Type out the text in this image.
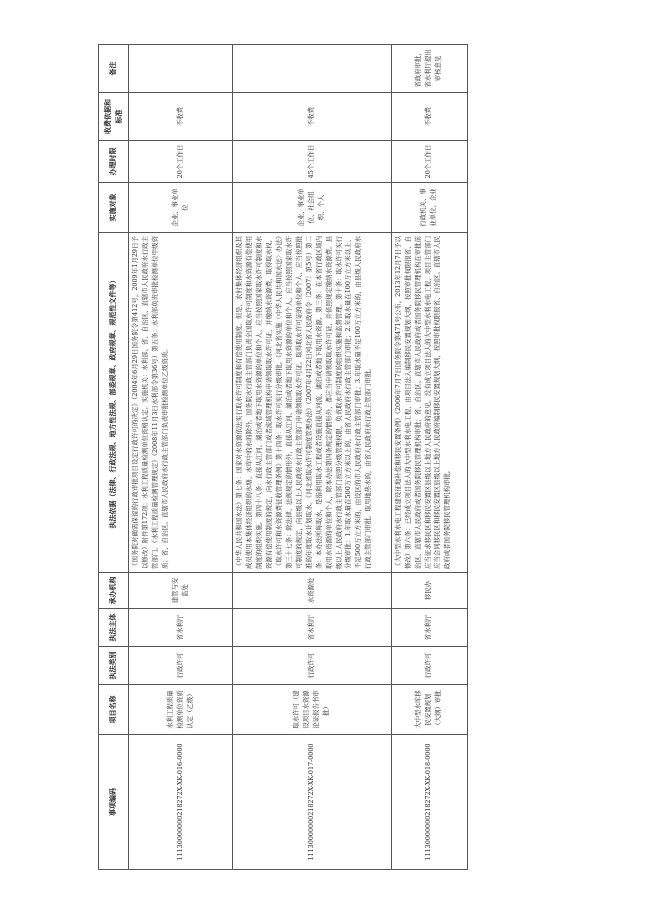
事项编码	项目名称	执法类别	执法主体	承办机构	执法依据（法律、行政法规、地方性法规、部委规章、政府规章、规范性文件等）	实施对象	办理时限	收费依据和标准	备注
11130000000218272X-XK-016-0000	水利工程质量检测单位资质认定（乙级）	行政许可	省水利厅	建管与安监处	《国务院对确需保留的行政审批项目设定行政许可的决定》（2004年6月29日国务院令第412号，2009年1月29日予以修改）附件第172项：水利工程质量检测单位资格认定。实施机关：水利部、省、自治区、直辖市人民政府水行政主管部门。《水利工程质量检测管理规定》（2008年11月3日水利部令第36号）第五条：水利部负责审批检测单位甲级资质；省、自治区、直辖市人民政府水行政主管部门负责审批检测单位乙级资质。	企业、事业单位	20个工作日	不收费	
11130000000218272X-XK-017-0000	取水许可（建设项目水资源论证报告书审批）	行政许可	省水利厅	水资源处	《中华人民共和国水法》第七条：国家对水资源依法实行取水许可制度和有偿使用制度。但是，农村集体经济组织及其成员使用本集体经济组织的水塘、水库中的水的除外。国务院水行政主管部门负责全国取水许可制度和水资源有偿使用制度的组织实施。第四十八条：直接从江河、湖泊或者地下取用水资源的单位和个人，应当按照国家取水许可制度和水资源有偿使用制度的规定，向水行政主管部门或者流域管理机构申请领取取水许可证，并缴纳水资源费，取得取水权。《取水许可和水资源费征收管理条例》第十四条：取水许可实行分级审批。《河北省实施〈中华人民共和国水法〉办法》第三十七条：除法律、法规规定的情形外，直接从江河、湖泊或者地下取用水资源的单位和个人，应当按照国家取水许可制度的规定，向县级以上人民政府水行政主管部门申请领取取水许可证。取得取水许可证的单位和个人，应当按照批准的年度取水计划取水。《河北省取水许可制度管理办法》（2007年4月22日河北省人民政府令〔2007〕第5号）第二条：本办法所称取水，是指利用取水工程或者设施直接从河流、湖泊或者地下取用水资源。第三条：在本省行政区域内取用水资源的单位和个人，除本办法第四条规定的情形外，都应当申请领取取水许可证，并依照规定缴纳水资源费。县级以上人民政府水行政主管部门按照分级管理权限，负责取水许可制度的组织实施和监督管理。第十条：取水许可实行分级审批：1.年取水量在500万立方米以上的，由省人民政府水行政主管部门审批；2.年取水量在100万立方米以上、不足500万立方米的，由设区的市人民政府水行政主管部门审批；3.年取水量不足100万立方米的，由县级人民政府水行政主管部门审批。取用地热水的，由省人民政府水行政主管部门审批。	企业、事业单位、社会组织、个人	45个工作日	不收费	
11130000000218272X-XK-018-0000	大中型水库移民安置规划（大纲）审批	行政许可	省水利厅	移民办	《大中型水利水电工程建设征地补偿和移民安置条例》（2006年7月7日国务院令第471号公布，2013年12月7日予以修改）第六条：已经成立项目法人的大中型水利水电工程，由项目法人编制移民安置规划大纲，按照审批权限报省、自治区、直辖市人民政府或者国务院移民管理机构审批；省、自治区、直辖市人民政府或者国务院移民管理机构在审批前应当征求移民区和移民安置区县级以上地方人民政府的意见。没有成立项目法人的大中型水利水电工程，项目主管部门应当会同移民区和移民安置区县级以上地方人民政府编制移民安置规划大纲，按照审批权限报省、自治区、直辖市人民政府或者国务院移民管理机构审批。	行政机关、事业单位、企业	20个工作日	不收费	省政府审批，省水利厅提出审核意见
